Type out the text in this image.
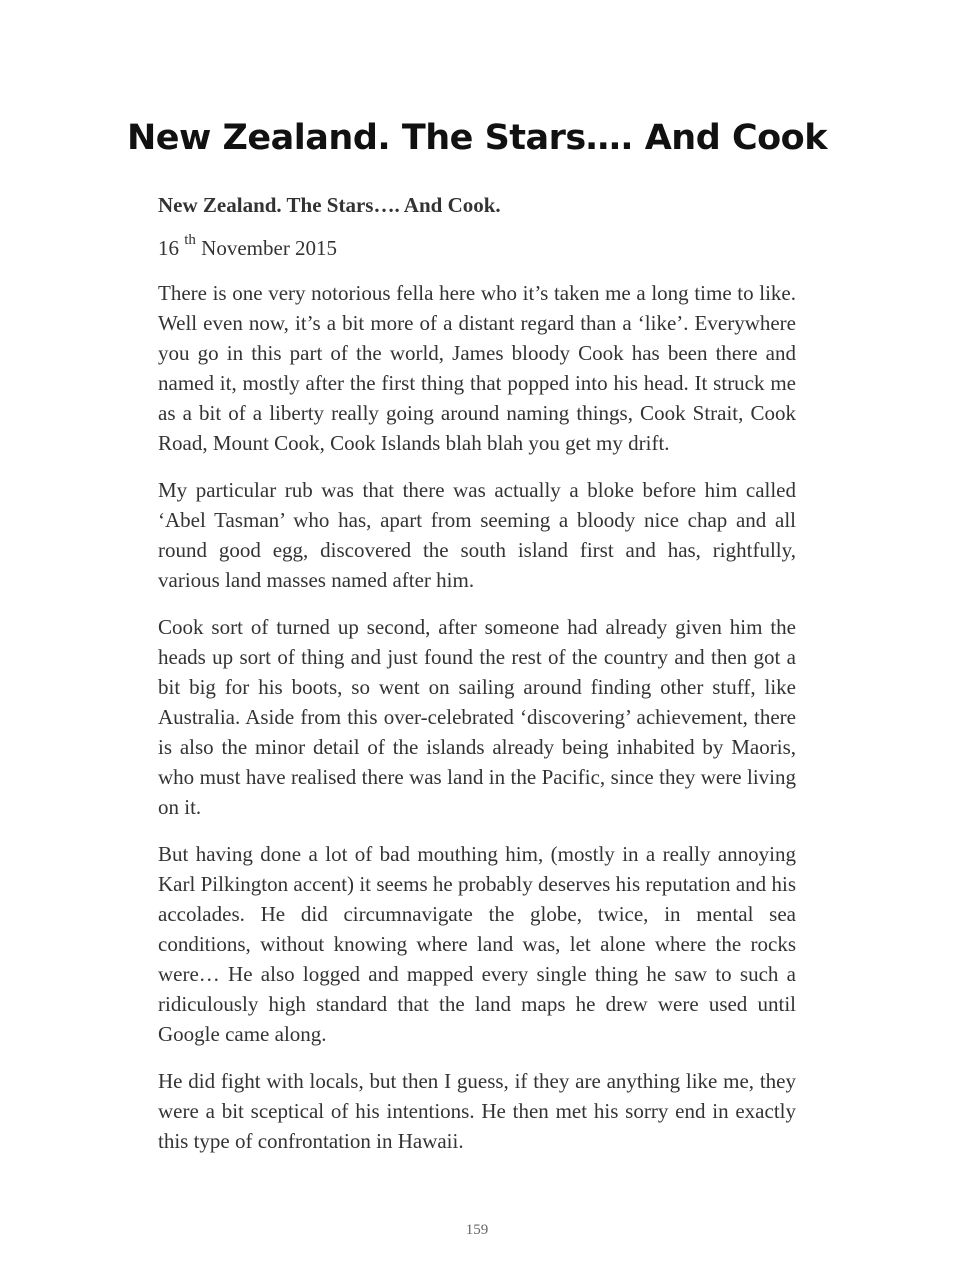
New Zealand. The Stars…. And Cook

New Zealand. The Stars…. And Cook.

16 $^{th}$ November 2015

There is one very notorious fella here who it’s taken me a long time to like. Well even now, it’s a bit more of a distant regard than a ‘like’. Everywhere you go in this part of the world, James bloody Cook has been there and named it, mostly after the first thing that popped into his head. It struck me as a bit of a liberty really going around naming things, Cook Strait, Cook Road, Mount Cook, Cook Islands blah blah you get my drift.

My particular rub was that there was actually a bloke before him called ‘Abel Tasman’ who has, apart from seeming a bloody nice chap and all round good egg, discovered the south island first and has, rightfully, various land masses named after him.

Cook sort of turned up second, after someone had already given him the heads up sort of thing and just found the rest of the country and then got a bit big for his boots, so went on sailing around finding other stuff, like Australia. Aside from this over-celebrated ‘discovering’ achievement, there is also the minor detail of the islands already being inhabited by Maoris, who must have realised there was land in the Pacific, since they were living on it.

But having done a lot of bad mouthing him, (mostly in a really annoying Karl Pilkington accent) it seems he probably deserves his reputation and his accolades. He did circumnavigate the globe, twice, in mental sea conditions, without knowing where land was, let alone where the rocks were… He also logged and mapped every single thing he saw to such a ridiculously high standard that the land maps he drew were used until Google came along.

He did fight with locals, but then I guess, if they are anything like me, they were a bit sceptical of his intentions. He then met his sorry end in exactly this type of confrontation in Hawaii.

159
